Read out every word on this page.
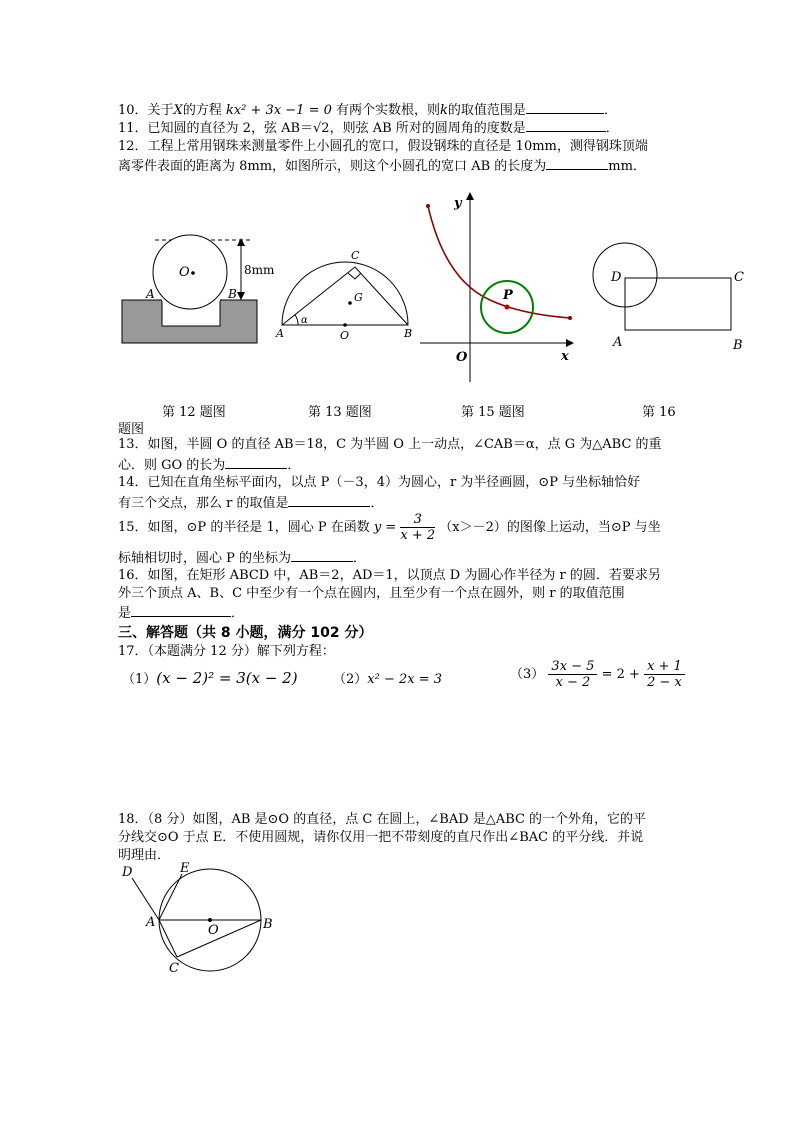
10．关于X的方程 kx² + 3x −1 = 0 有两个实数根，则k的取值范围是	．
11．已知圆的直径为 2，弦 AB＝√2，则弦 AB 所对的圆周角的度数是	．
12．工程上常用钢珠来测量零件上小圆孔的宽口，假设钢珠的直径是 10mm，测得钢珠顶端
离零件表面的距离为 8mm，如图所示，则这个小圆孔的宽口 AB 的长度为	mm．
O
A	B
8mm
C
G
A	O	B
α
y
P
O	x
D	C
A	B
第 12 题图	第 13 题图	第 15 题图	第 16
题图
13．如图，半圆 O 的直径 AB＝18，C 为半圆 O 上一动点，∠CAB＝α，点 G 为△ABC 的重
心．则 GO 的长为	．
14．已知在直角坐标平面内，以点 P（－3，4）为圆心，r 为半径画圆，⊙P 与坐标轴恰好
有三个交点，那么 r 的取值是	．
15．如图，⊙P 的半径是 1，圆心 P 在函数 $y = \frac{3}{x + 2} (x>-2)$的图像上运动，当⊙P 与坐
标轴相切时，圆心 P 的坐标为	．
16．如图，在矩形 ABCD 中，AB＝2，AD＝1，以顶点 D 为圆心作半径为 r 的圆．若要求另
外三个顶点 A、B、C 中至少有一个点在圆内，且至少有一个点在圆外，则 r 的取值范围
是	．
三、解答题（共 8 小题，满分 102 分）
17．（本题满分 12 分）解下列方程：
（1）(x − 2)² = 3(x − 2)	（2）x² − 2x = 3	$(3) \frac{3x - 5}{x - 2} = 2 + \frac{x + 1}{2 - x}$
18．（8 分）如图，AB 是⊙O 的直径，点 C 在圆上，∠BAD 是△ABC 的一个外角，它的平
分线交⊙O 于点 E．不使用圆规，请你仅用一把不带刻度的直尺作出∠BAC 的平分线．并说
明理由．
D	E
A
O	B
C
